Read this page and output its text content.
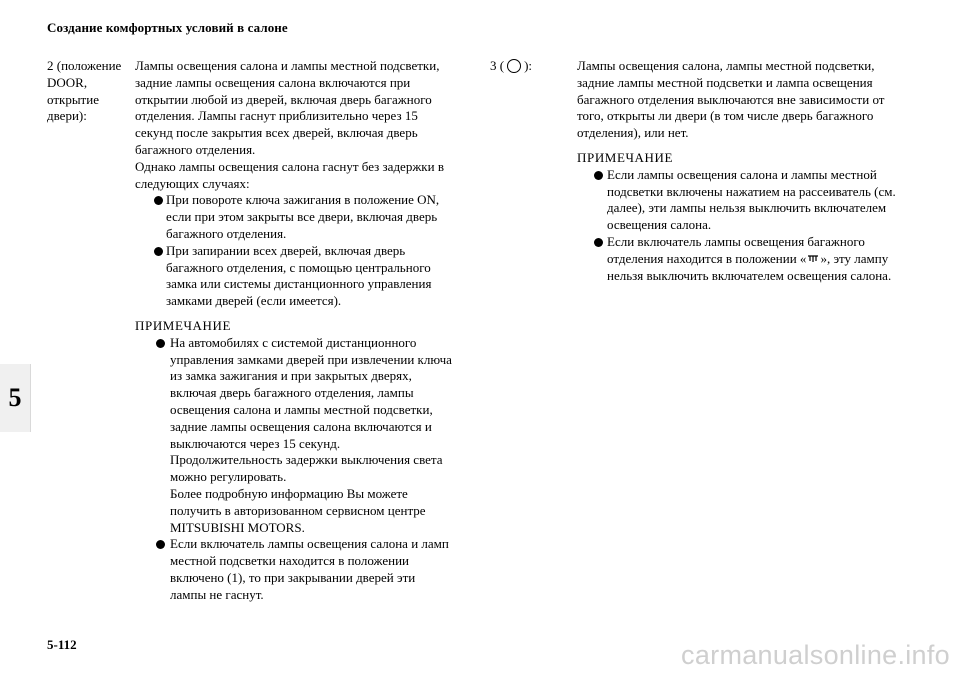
Создание комфортных условий в салоне
5
2 (положение DOOR, открытие двери):
Лампы освещения салона и лампы местной подсветки, задние лампы освещения салона включаются при открытии любой из дверей, включая дверь багажного отделения. Лампы гаснут приблизительно через 15 секунд после закрытия всех дверей, включая дверь багажного отделения.
Однако лампы освещения салона гаснут без задержки в следующих случаях:
При повороте ключа зажигания в положение ON, если при этом закрыты все двери, включая дверь багажного отделения.
При запирании всех дверей, включая дверь багажного отделения, с помощью центрального замка или системы дистанционного управления замками дверей (если имеется).
ПРИМЕЧАНИЕ
На автомобилях с системой дистанционного управления замками дверей при извлечении ключа из замка зажигания и при закрытых дверях, включая дверь багажного отделения, лампы освещения салона и лампы местной подсветки, задние лампы освещения салона включаются и выключаются через 15 секунд. Продолжительность задержки выключения света можно регулировать.
Более подробную информацию Вы можете получить в авторизованном сервисном центре MITSUBISHI MOTORS.
Если включатель лампы освещения салона и ламп местной подсветки находится в положении включено (1), то при закрывании дверей эти лампы не гаснут.
3 ( ):	Лампы освещения салона, лампы местной подсветки, задние лампы местной подсветки и лампа освещения багажного отделения выключаются вне зависимости от того, открыты ли двери (в том числе дверь багажного отделения), или нет.
ПРИМЕЧАНИЕ
Если лампы освещения салона и лампы местной подсветки включены нажатием на рассеиватель (см. далее), эти лампы нельзя выключить включателем освещения салона.
Если включатель лампы освещения багажного отделения находится в положении « », эту лампу нельзя выключить включателем освещения салона.
5-112	carmanualsonline.info
